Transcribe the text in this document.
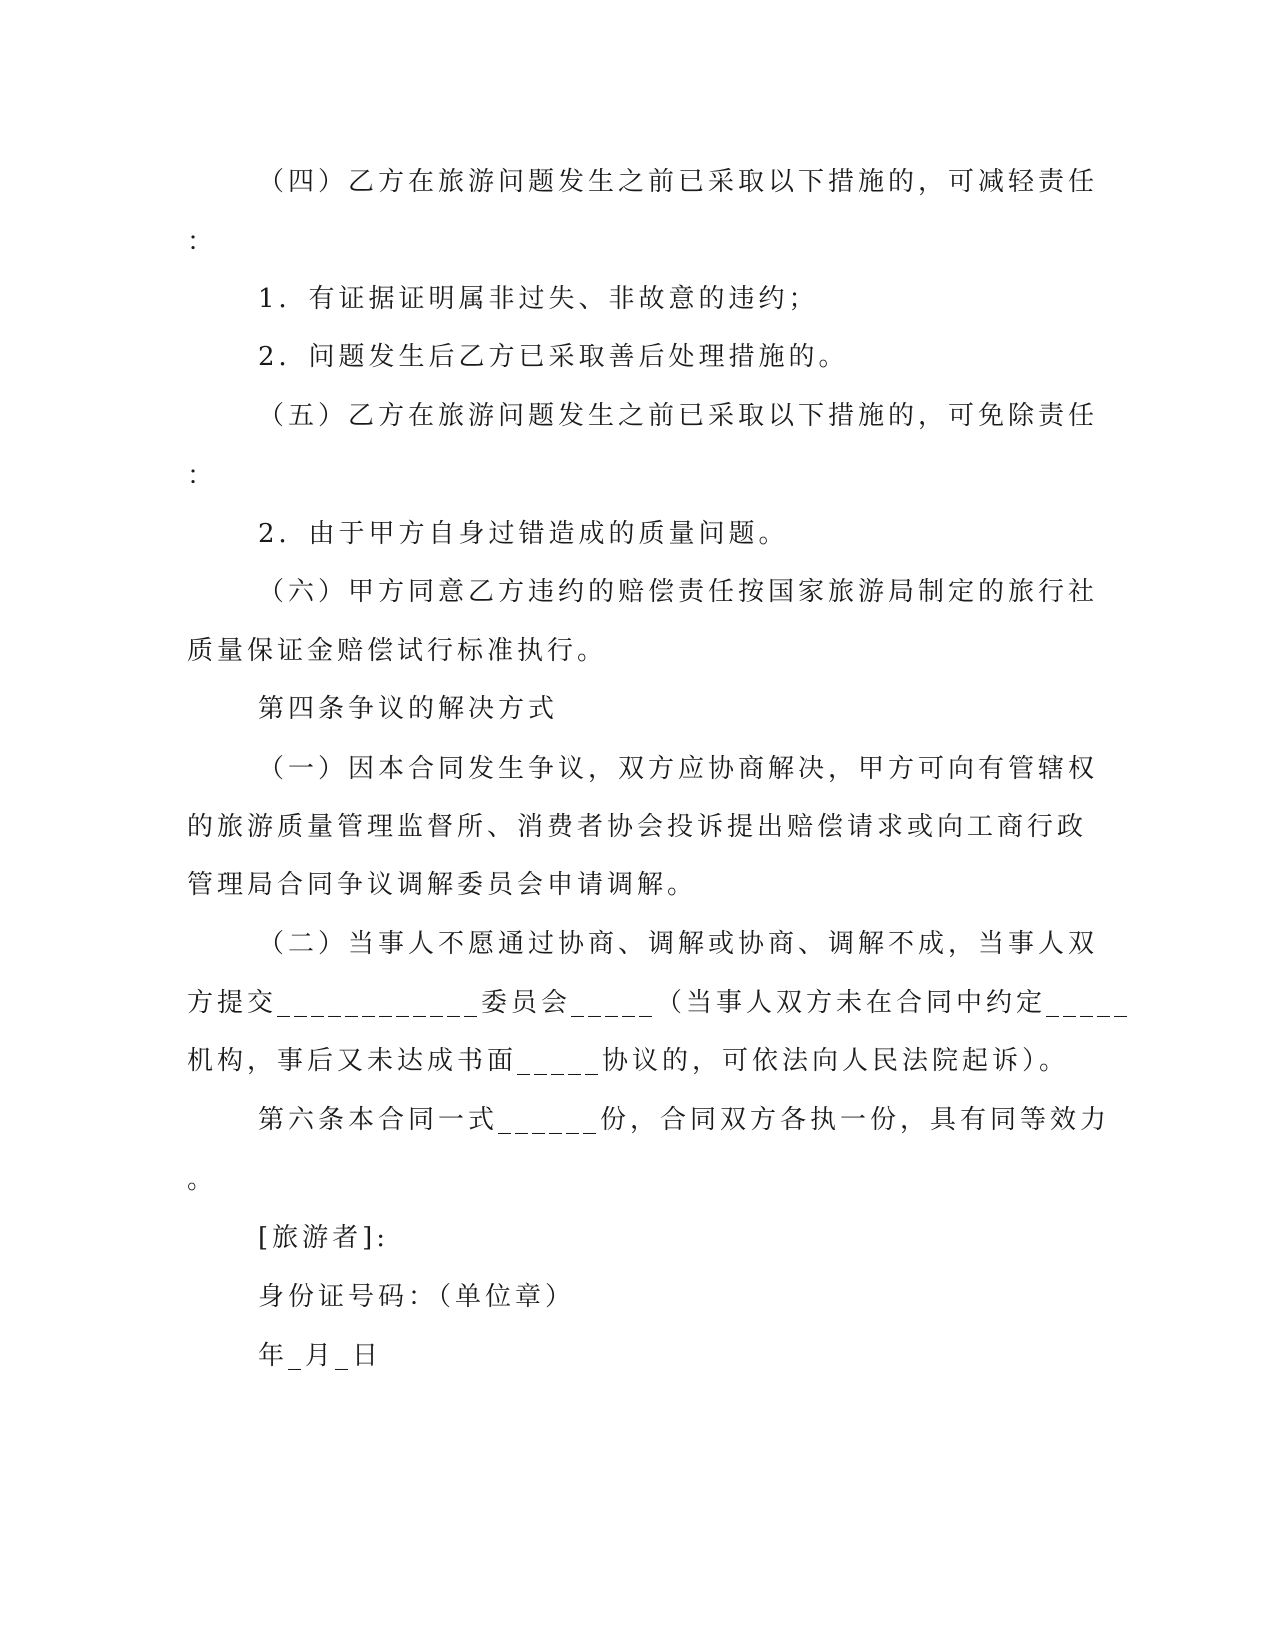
（四）乙方在旅游问题发生之前已采取以下措施的，可减轻责任
：
1．有证据证明属非过失、非故意的违约；
2．问题发生后乙方已采取善后处理措施的。
（五）乙方在旅游问题发生之前已采取以下措施的，可免除责任
：
2．由于甲方自身过错造成的质量问题。
（六）甲方同意乙方违约的赔偿责任按国家旅游局制定的旅行社
质量保证金赔偿试行标准执行。
第四条争议的解决方式
（一）因本合同发生争议，双方应协商解决，甲方可向有管辖权
的旅游质量管理监督所、消费者协会投诉提出赔偿请求或向工商行政
管理局合同争议调解委员会申请调解。
（二）当事人不愿通过协商、调解或协商、调解不成，当事人双
方提交____________委员会_____（当事人双方未在合同中约定_____
机构，事后又未达成书面_____协议的，可依法向人民法院起诉）。
第六条本合同一式______份，合同双方各执一份，具有同等效力
。
[旅游者]:
身份证号码：（单位章）
年_月_日
